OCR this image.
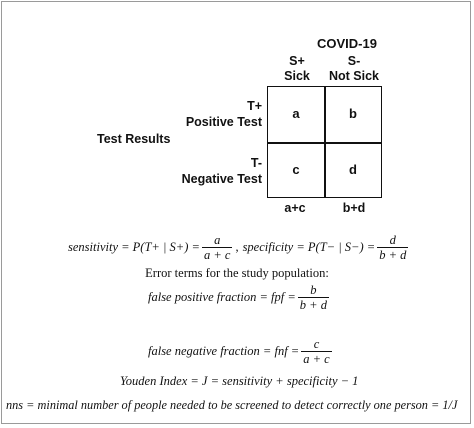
COVID-19
S+
Sick
S-
Not Sick
T+
Positive Test
T-
Negative Test
Test Results
a	b
c	d
a+c	b+d
sensitivity = P(T+ | $S+) = \frac{a}{a + c}$ , specificity = P(T− | $S-) = \frac{d}{b + d}$
Error terms for the study population:
false positive fraction = fpf = $\frac{b}{b + d}$
false negative fraction = fnf = $\frac{c}{a + c}$
Youden Index = J = sensitivity + specificity − 1
nns = minimal number of people needed to be screened to detect correctly one person = 1/J
